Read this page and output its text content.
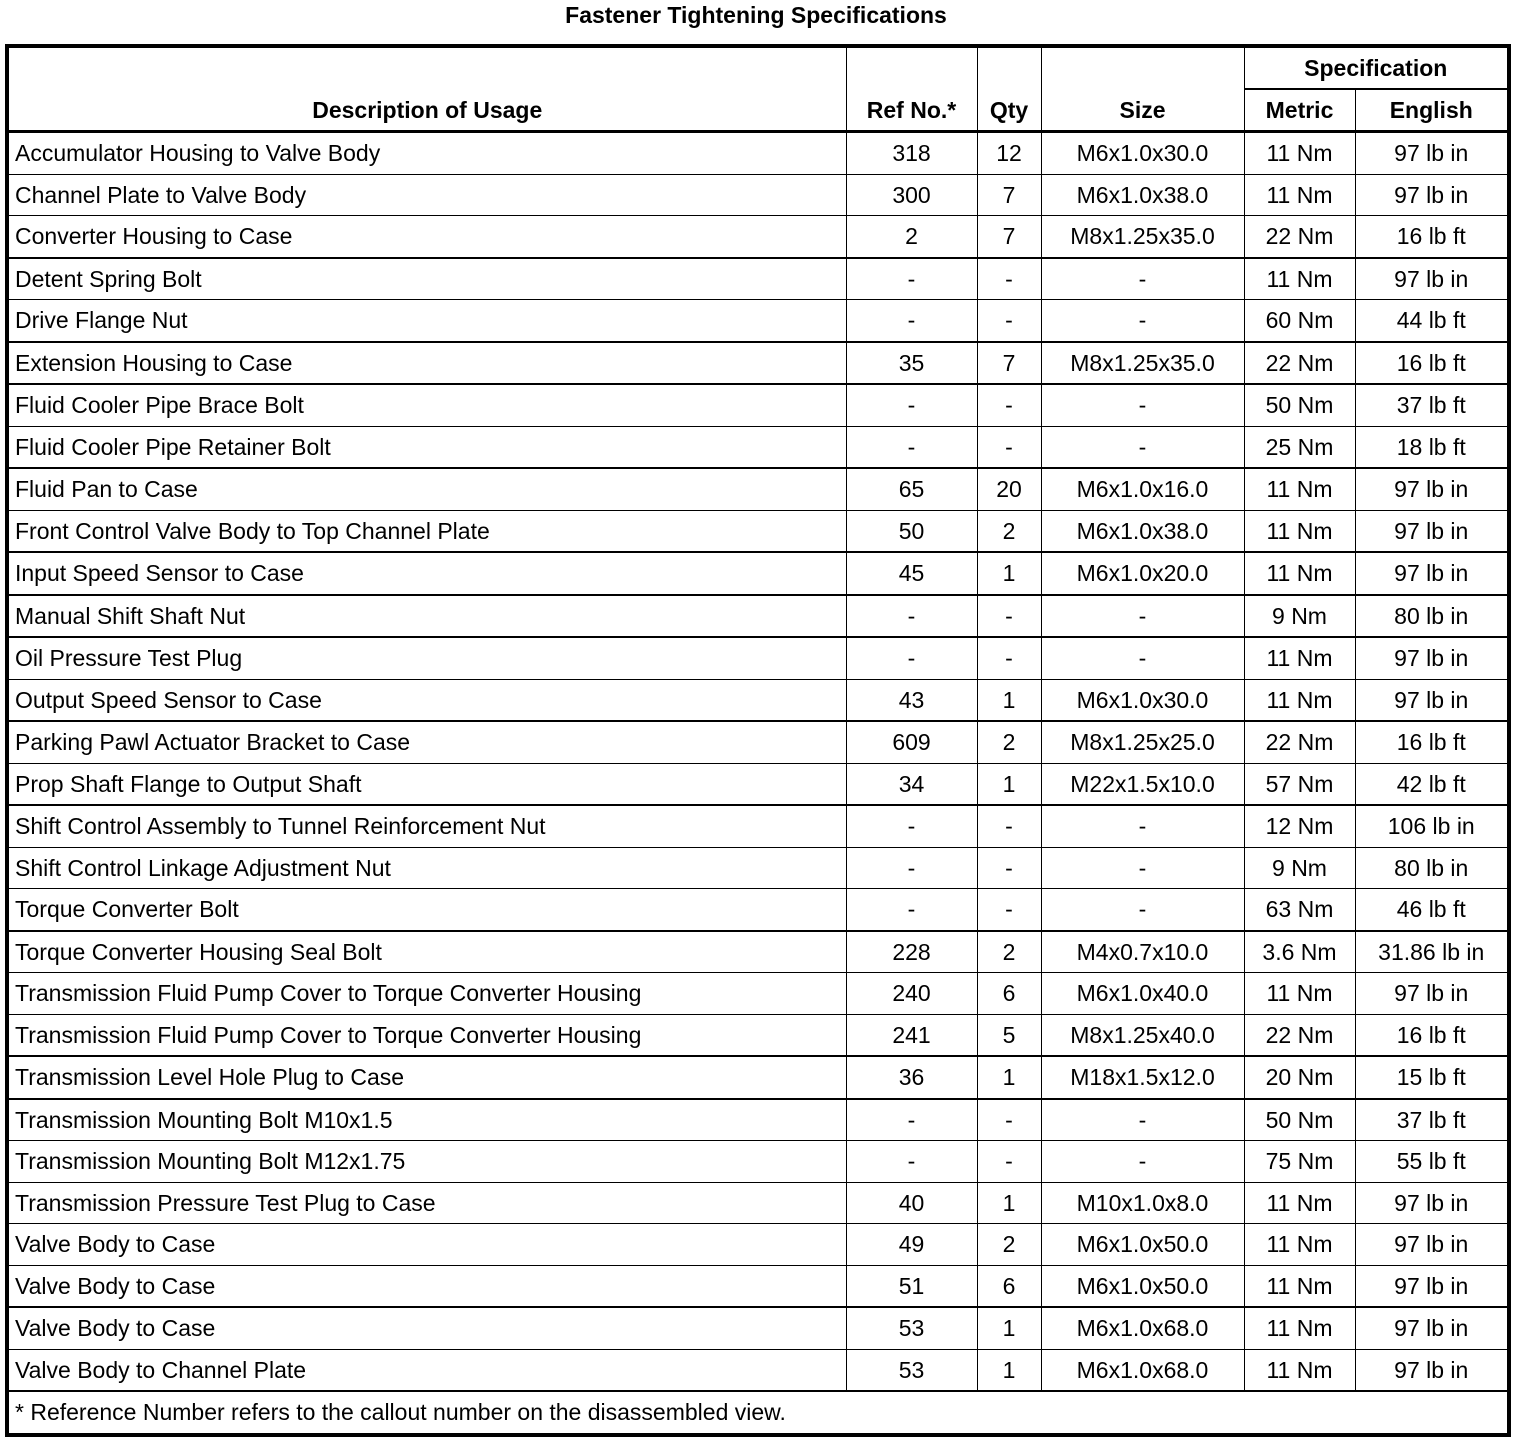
Fastener Tightening Specifications
Description of Usage	Ref No.*	Qty	Size	Specification	
				Metric	English
Accumulator Housing to Valve Body	318	12	M6x1.0x30.0	11 Nm	97 lb in
Channel Plate to Valve Body	300	7	M6x1.0x38.0	11 Nm	97 lb in
Converter Housing to Case	2	7	M8x1.25x35.0	22 Nm	16 lb ft
Detent Spring Bolt	-	-	-	11 Nm	97 lb in
Drive Flange Nut	-	-	-	60 Nm	44 lb ft
Extension Housing to Case	35	7	M8x1.25x35.0	22 Nm	16 lb ft
Fluid Cooler Pipe Brace Bolt	-	-	-	50 Nm	37 lb ft
Fluid Cooler Pipe Retainer Bolt	-	-	-	25 Nm	18 lb ft
Fluid Pan to Case	65	20	M6x1.0x16.0	11 Nm	97 lb in
Front Control Valve Body to Top Channel Plate	50	2	M6x1.0x38.0	11 Nm	97 lb in
Input Speed Sensor to Case	45	1	M6x1.0x20.0	11 Nm	97 lb in
Manual Shift Shaft Nut	-	-	-	9 Nm	80 lb in
Oil Pressure Test Plug	-	-	-	11 Nm	97 lb in
Output Speed Sensor to Case	43	1	M6x1.0x30.0	11 Nm	97 lb in
Parking Pawl Actuator Bracket to Case	609	2	M8x1.25x25.0	22 Nm	16 lb ft
Prop Shaft Flange to Output Shaft	34	1	M22x1.5x10.0	57 Nm	42 lb ft
Shift Control Assembly to Tunnel Reinforcement Nut	-	-	-	12 Nm	106 lb in
Shift Control Linkage Adjustment Nut	-	-	-	9 Nm	80 lb in
Torque Converter Bolt	-	-	-	63 Nm	46 lb ft
Torque Converter Housing Seal Bolt	228	2	M4x0.7x10.0	3.6 Nm	31.86 lb in
Transmission Fluid Pump Cover to Torque Converter Housing	240	6	M6x1.0x40.0	11 Nm	97 lb in
Transmission Fluid Pump Cover to Torque Converter Housing	241	5	M8x1.25x40.0	22 Nm	16 lb ft
Transmission Level Hole Plug to Case	36	1	M18x1.5x12.0	20 Nm	15 lb ft
Transmission Mounting Bolt M10x1.5	-	-	-	50 Nm	37 lb ft
Transmission Mounting Bolt M12x1.75	-	-	-	75 Nm	55 lb ft
Transmission Pressure Test Plug to Case	40	1	M10x1.0x8.0	11 Nm	97 lb in
Valve Body to Case	49	2	M6x1.0x50.0	11 Nm	97 lb in
Valve Body to Case	51	6	M6x1.0x50.0	11 Nm	97 lb in
Valve Body to Case	53	1	M6x1.0x68.0	11 Nm	97 lb in
Valve Body to Channel Plate	53	1	M6x1.0x68.0	11 Nm	97 lb in
* Reference Number refers to the callout number on the disassembled view.					
